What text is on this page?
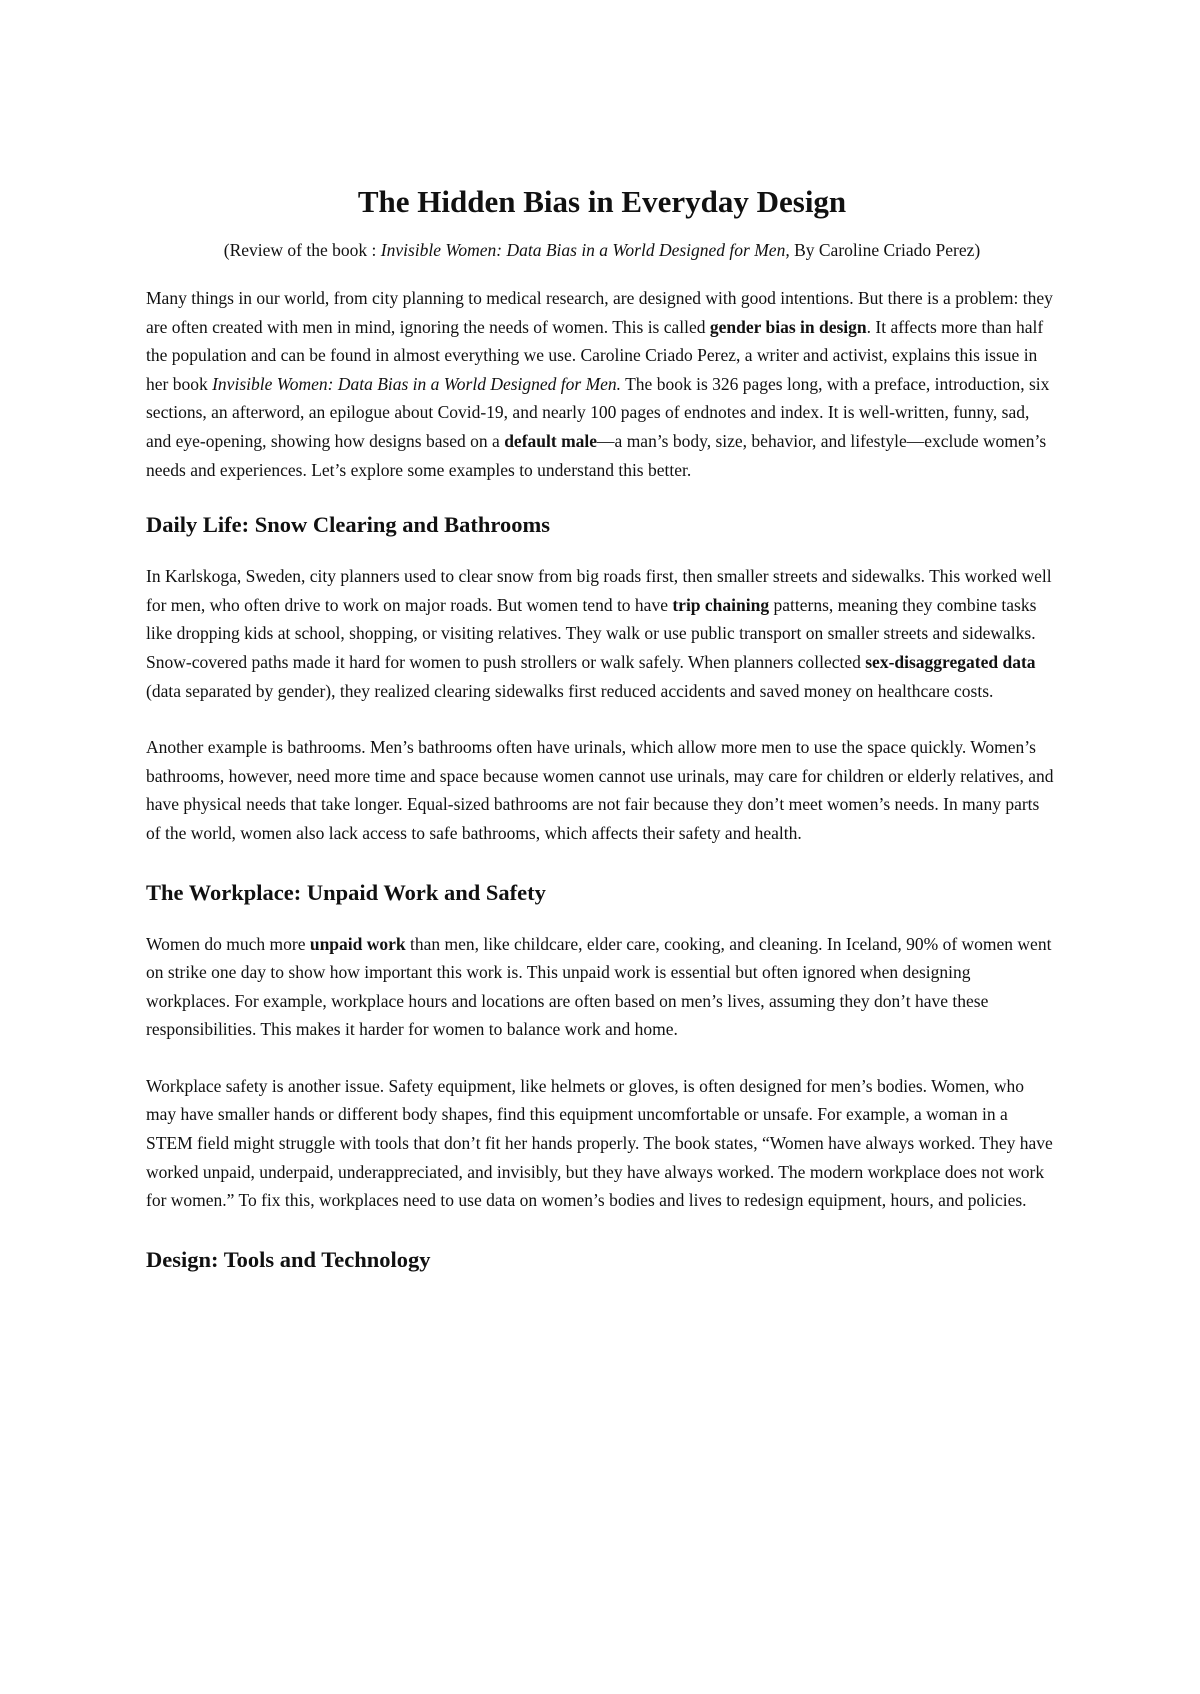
The Hidden Bias in Everyday Design
(Review of the book : Invisible Women: Data Bias in a World Designed for Men, By Caroline Criado Perez)

Many things in our world, from city planning to medical research, are designed with good intentions. But there is a problem: they are often created with men in mind, ignoring the needs of women. This is called gender bias in design. It affects more than half the population and can be found in almost everything we use. Caroline Criado Perez, a writer and activist, explains this issue in her book Invisible Women: Data Bias in a World Designed for Men. The book is 326 pages long, with a preface, introduction, six sections, an afterword, an epilogue about Covid-19, and nearly 100 pages of endnotes and index. It is well-written, funny, sad, and eye-opening, showing how designs based on a default male—a man’s body, size, behavior, and lifestyle—exclude women’s needs and experiences. Let’s explore some examples to understand this better.

Daily Life: Snow Clearing and Bathrooms

In Karlskoga, Sweden, city planners used to clear snow from big roads first, then smaller streets and sidewalks. This worked well for men, who often drive to work on major roads. But women tend to have trip chaining patterns, meaning they combine tasks like dropping kids at school, shopping, or visiting relatives. They walk or use public transport on smaller streets and sidewalks. Snow-covered paths made it hard for women to push strollers or walk safely. When planners collected sex-disaggregated data (data separated by gender), they realized clearing sidewalks first reduced accidents and saved money on healthcare costs.

Another example is bathrooms. Men’s bathrooms often have urinals, which allow more men to use the space quickly. Women’s bathrooms, however, need more time and space because women cannot use urinals, may care for children or elderly relatives, and have physical needs that take longer. Equal-sized bathrooms are not fair because they don’t meet women’s needs. In many parts of the world, women also lack access to safe bathrooms, which affects their safety and health.

The Workplace: Unpaid Work and Safety

Women do much more unpaid work than men, like childcare, elder care, cooking, and cleaning. In Iceland, 90% of women went on strike one day to show how important this work is. This unpaid work is essential but often ignored when designing workplaces. For example, workplace hours and locations are often based on men’s lives, assuming they don’t have these responsibilities. This makes it harder for women to balance work and home.

Workplace safety is another issue. Safety equipment, like helmets or gloves, is often designed for men’s bodies. Women, who may have smaller hands or different body shapes, find this equipment uncomfortable or unsafe. For example, a woman in a STEM field might struggle with tools that don’t fit her hands properly. The book states, “Women have always worked. They have worked unpaid, underpaid, underappreciated, and invisibly, but they have always worked. The modern workplace does not work for women.” To fix this, workplaces need to use data on women’s bodies and lives to redesign equipment, hours, and policies.

Design: Tools and Technology
